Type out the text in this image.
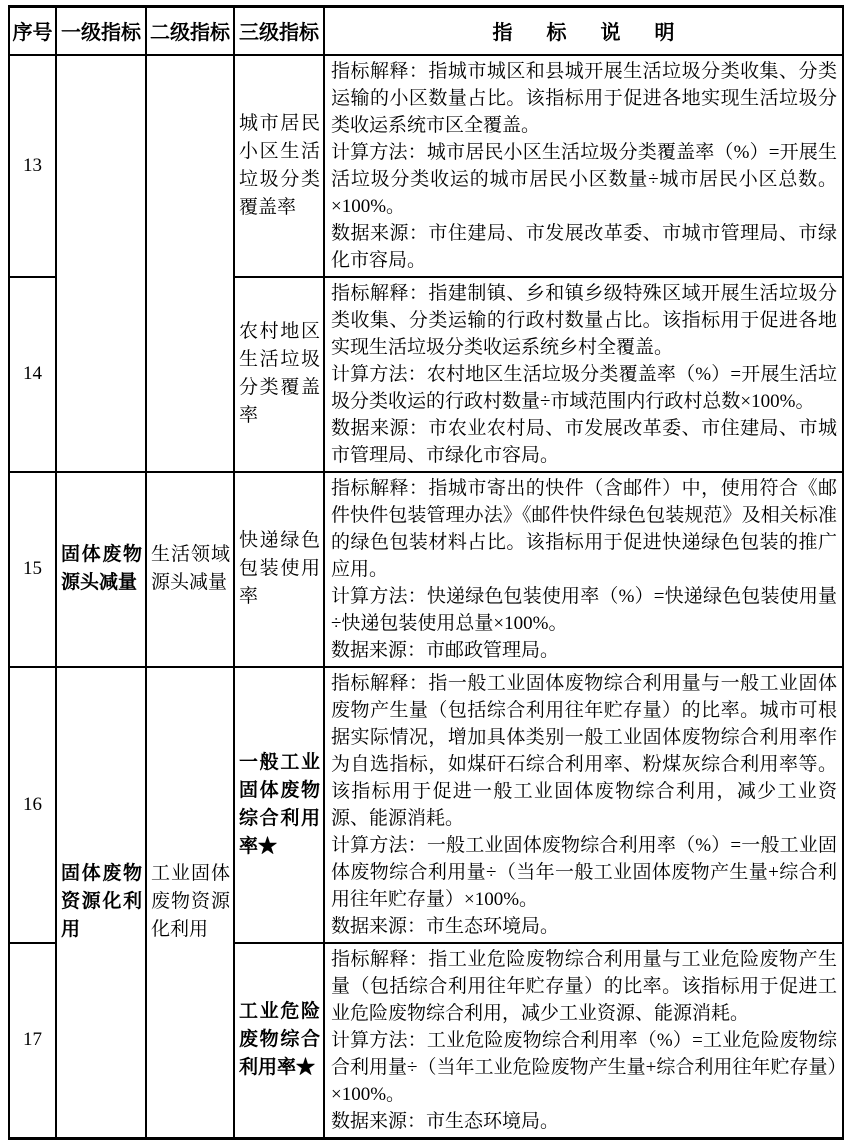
序号	一级指标	二级指标	三级指标	指标说明
13			城市居民小区生活垃圾分类覆盖率	指标解释：指城市城区和县城开展生活垃圾分类收集、分类运输的小区数量占比。该指标用于促进各地实现生活垃圾分类收运系统市区全覆盖。

计算方法：城市居民小区生活垃圾分类覆盖率（%）=开展生活垃圾分类收运的城市居民小区数量÷城市居民小区总数。×100%。

数据来源：市住建局、市发展改革委、市城市管理局、市绿化市容局。

14			农村地区生活垃圾分类覆盖率	指标解释：指建制镇、乡和镇乡级特殊区域开展生活垃圾分类收集、分类运输的行政村数量占比。该指标用于促进各地实现生活垃圾分类收运系统乡村全覆盖。

计算方法：农村地区生活垃圾分类覆盖率（%）=开展生活垃圾分类收运的行政村数量÷市域范围内行政村总数×100%。

数据来源：市农业农村局、市发展改革委、市住建局、市城市管理局、市绿化市容局。

15	固体废物源头减量	生活领域源头减量	快递绿色包装使用率	指标解释：指城市寄出的快件（含邮件）中，使用符合《邮件快件包装管理办法》《邮件快件绿色包装规范》及相关标准的绿色包装材料占比。该指标用于促进快递绿色包装的推广应用。

计算方法：快递绿色包装使用率（%）=快递绿色包装使用量÷快递包装使用总量×100%。

数据来源：市邮政管理局。

16	固体废物资源化利用	工业固体废物资源化利用	一般工业固体废物综合利用率★	指标解释：指一般工业固体废物综合利用量与一般工业固体废物产生量（包括综合利用往年贮存量）的比率。城市可根据实际情况，增加具体类别一般工业固体废物综合利用率作为自选指标，如煤矸石综合利用率、粉煤灰综合利用率等。该指标用于促进一般工业固体废物综合利用，减少工业资源、能源消耗。

计算方法：一般工业固体废物综合利用率（%）=一般工业固体废物综合利用量÷（当年一般工业固体废物产生量+综合利用往年贮存量）×100%。

数据来源：市生态环境局。

17			工业危险废物综合利用率★	指标解释：指工业危险废物综合利用量与工业危险废物产生量（包括综合利用往年贮存量）的比率。该指标用于促进工业危险废物综合利用，减少工业资源、能源消耗。

计算方法：工业危险废物综合利用率（%）=工业危险废物综合利用量÷（当年工业危险废物产生量+综合利用往年贮存量）×100%。

数据来源：市生态环境局。
